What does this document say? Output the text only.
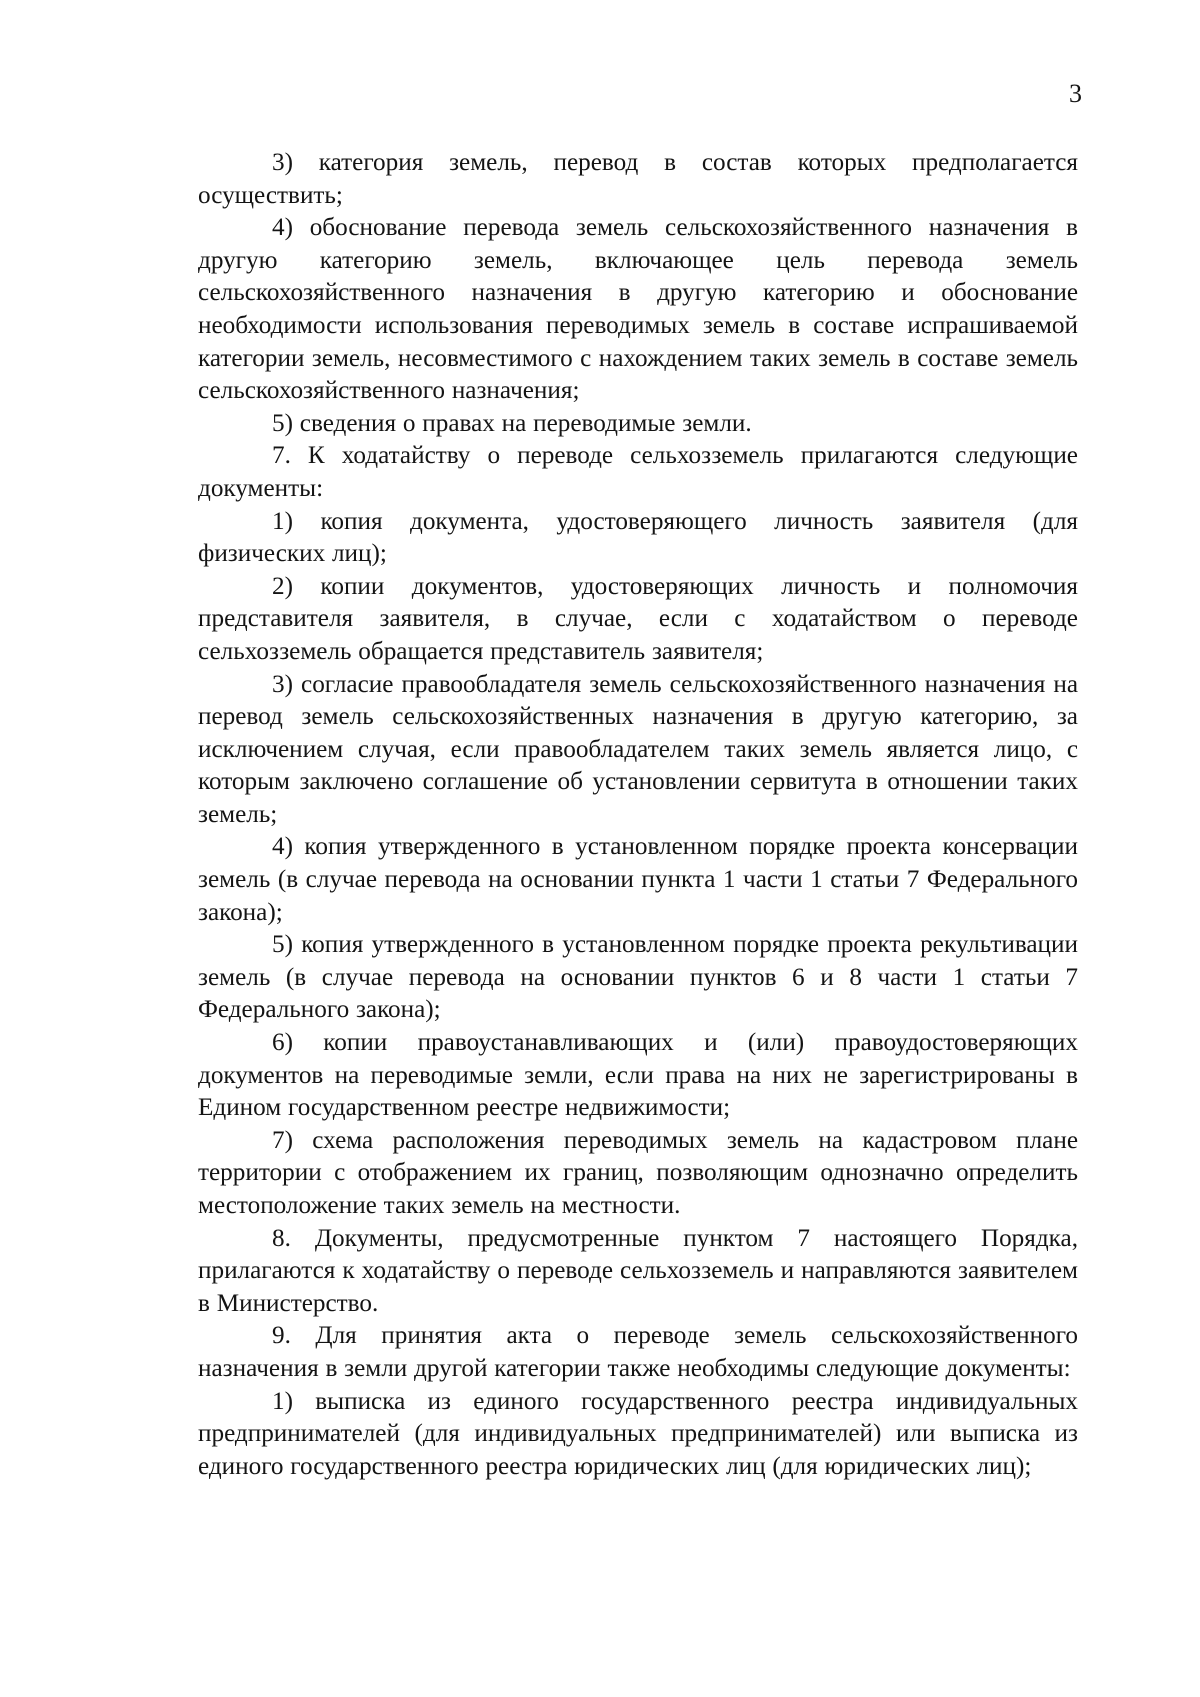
3

3) категория земель, перевод в состав которых предполагается осуществить;

4) обоснование перевода земель сельскохозяйственного назначения в другую категорию земель, включающее цель перевода земель сельскохозяйственного назначения в другую категорию и обоснование необходимости использования переводимых земель в составе испрашиваемой категории земель, несовместимого с нахождением таких земель в составе земель сельскохозяйственного назначения;

5) сведения о правах на переводимые земли.

7. К ходатайству о переводе сельхозземель прилагаются следующие документы:

1) копия документа, удостоверяющего личность заявителя (для физических лиц);

2) копии документов, удостоверяющих личность и полномочия представителя заявителя, в случае, если с ходатайством о переводе сельхозземель обращается представитель заявителя;

3) согласие правообладателя земель сельскохозяйственного назначения на перевод земель сельскохозяйственных назначения в другую категорию, за исключением случая, если правообладателем таких земель является лицо, с которым заключено соглашение об установлении сервитута в отношении таких земель;

4) копия утвержденного в установленном порядке проекта консервации земель (в случае перевода на основании пункта 1 части 1 статьи 7 Федерального закона);

5) копия утвержденного в установленном порядке проекта рекультивации земель (в случае перевода на основании пунктов 6 и 8 части 1 статьи 7 Федерального закона);

6) копии правоустанавливающих и (или) правоудостоверяющих документов на переводимые земли, если права на них не зарегистрированы в Едином государственном реестре недвижимости;

7) схема расположения переводимых земель на кадастровом плане территории с отображением их границ, позволяющим однозначно определить местоположение таких земель на местности.

8. Документы, предусмотренные пунктом 7 настоящего Порядка, прилагаются к ходатайству о переводе сельхозземель и направляются заявителем в Министерство.

9. Для принятия акта о переводе земель сельскохозяйственного назначения в земли другой категории также необходимы следующие документы:

1) выписка из единого государственного реестра индивидуальных предпринимателей (для индивидуальных предпринимателей) или выписка из единого государственного реестра юридических лиц (для юридических лиц);
